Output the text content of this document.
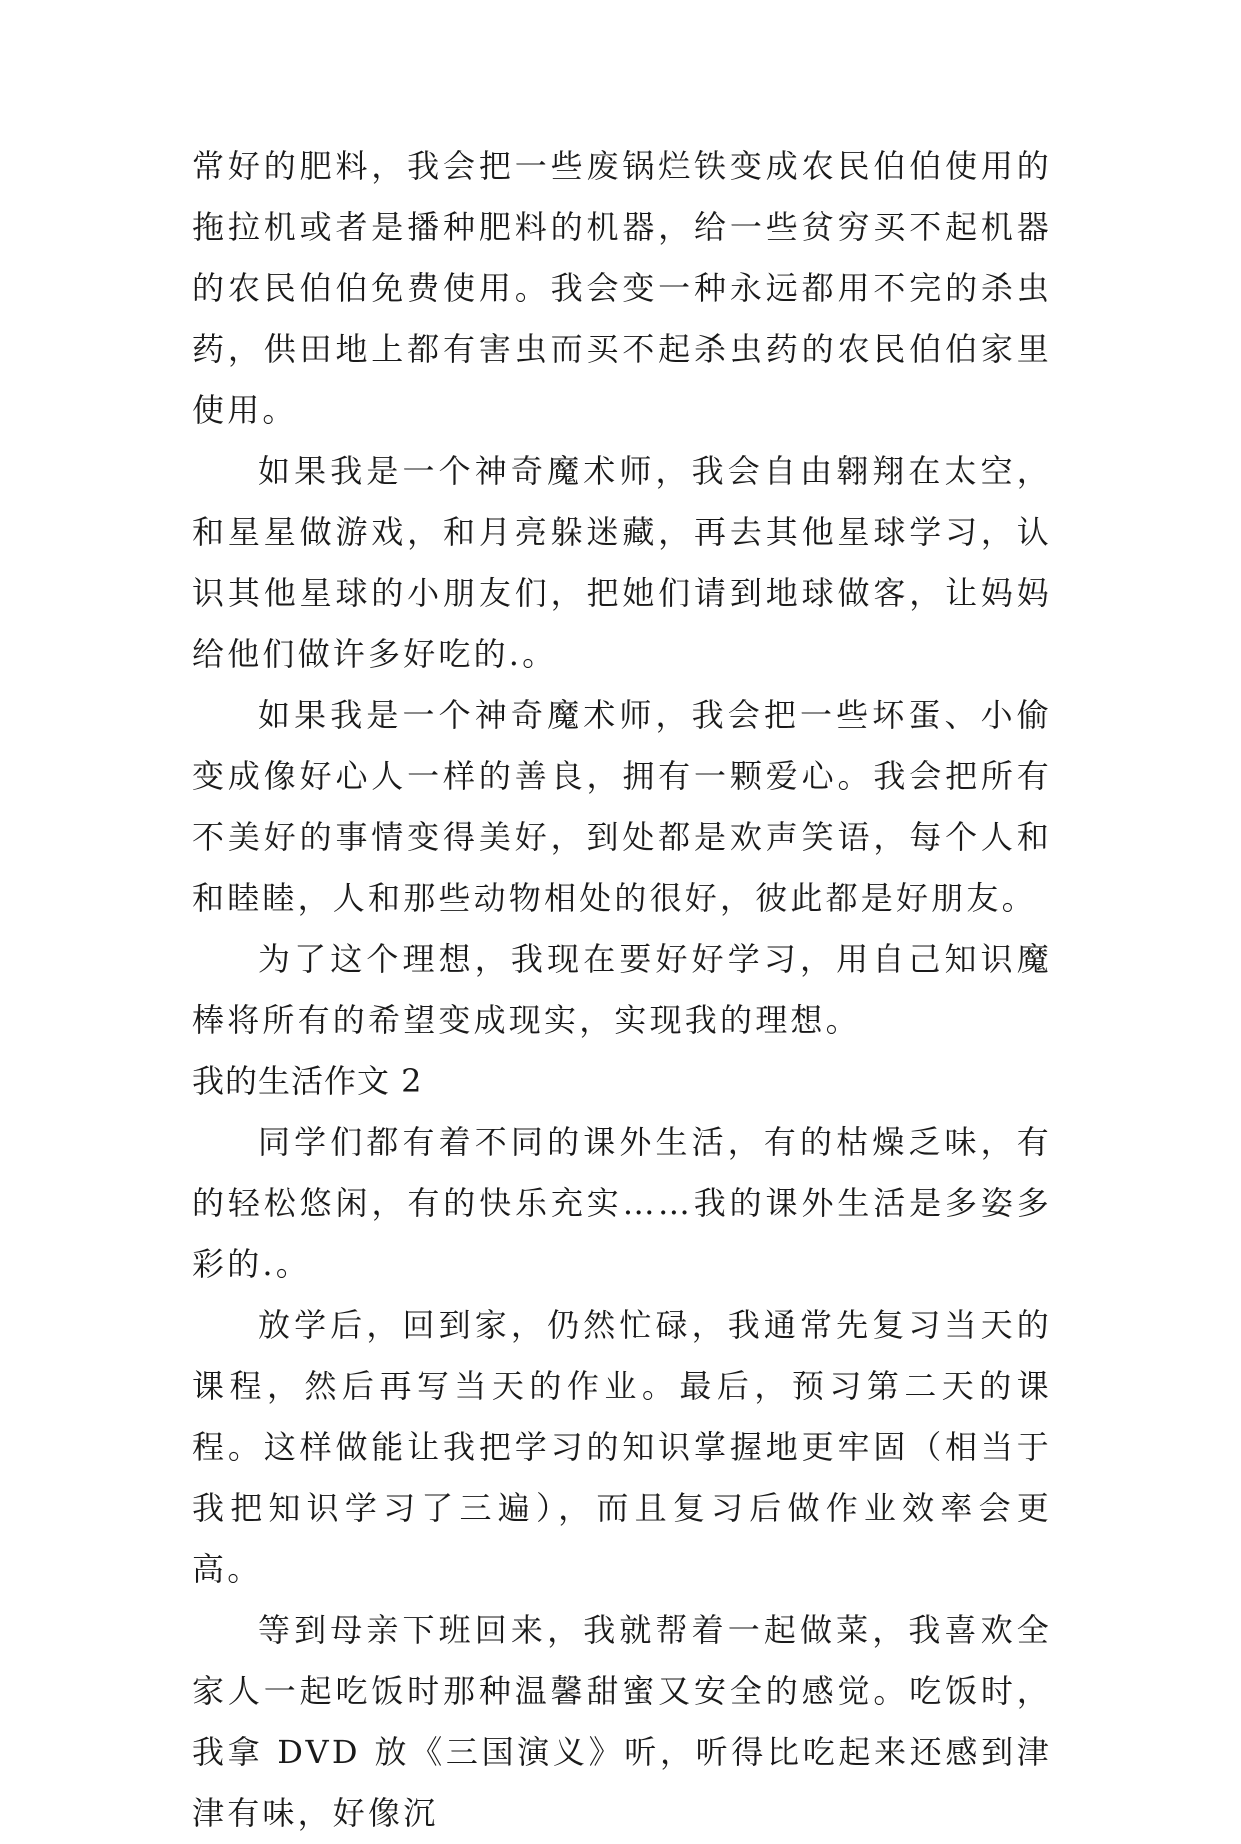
常好的肥料，我会把一些废锅烂铁变成农民伯伯使用的拖拉机或者是播种肥料的机器，给一些贫穷买不起机器的农民伯伯免费使用。我会变一种永远都用不完的杀虫药，供田地上都有害虫而买不起杀虫药的农民伯伯家里使用。

如果我是一个神奇魔术师，我会自由翱翔在太空，和星星做游戏，和月亮躲迷藏，再去其他星球学习，认识其他星球的小朋友们，把她们请到地球做客，让妈妈给他们做许多好吃的.。

如果我是一个神奇魔术师，我会把一些坏蛋、小偷变成像好心人一样的善良，拥有一颗爱心。我会把所有不美好的事情变得美好，到处都是欢声笑语，每个人和和睦睦，人和那些动物相处的很好，彼此都是好朋友。

为了这个理想，我现在要好好学习，用自己知识魔棒将所有的希望变成现实，实现我的理想。

我的生活作文 2

同学们都有着不同的课外生活，有的枯燥乏味，有的轻松悠闲，有的快乐充实……我的课外生活是多姿多彩的.。

放学后，回到家，仍然忙碌，我通常先复习当天的课程，然后再写当天的作业。最后，预习第二天的课程。这样做能让我把学习的知识掌握地更牢固（相当于我把知识学习了三遍），而且复习后做作业效率会更高。

等到母亲下班回来，我就帮着一起做菜，我喜欢全家人一起吃饭时那种温馨甜蜜又安全的感觉。吃饭时，我拿 DVD 放《三国演义》听，听得比吃起来还感到津津有味，好像沉
